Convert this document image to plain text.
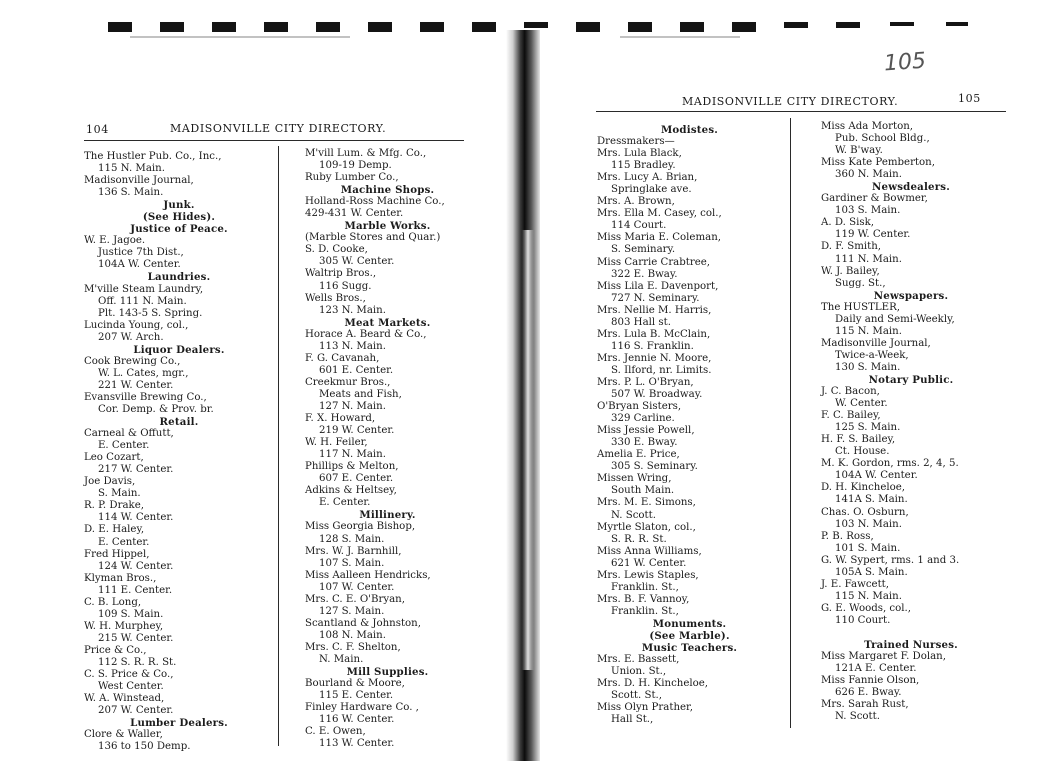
104	MADISONVILLE CITY DIRECTORY.
The Hustler Pub. Co., Inc.,
115 N. Main.
Madisonville Journal,
136 S. Main.
Junk.
(See Hides).
Justice of Peace.
W. E. Jagoe.
Justice 7th Dist.,
104A W. Center.
Laundries.
M'ville Steam Laundry,
Off. 111 N. Main.
Plt. 143-5 S. Spring.
Lucinda Young, col.,
207 W. Arch.
Liquor Dealers.
Cook Brewing Co.,
W. L. Cates, mgr.,
221 W. Center.
Evansville Brewing Co.,
Cor. Demp. & Prov. br.
Retail.
Carneal & Offutt,
E. Center.
Leo Cozart,
217 W. Center.
Joe Davis,
S. Main.
R. P. Drake,
114 W. Center.
D. E. Haley,
E. Center.
Fred Hippel,
124 W. Center.
Klyman Bros.,
111 E. Center.
C. B. Long,
109 S. Main.
W. H. Murphey,
215 W. Center.
Price & Co.,
112 S. R. R. St.
C. S. Price & Co.,
West Center.
W. A. Winstead,
207 W. Center.
Lumber Dealers.
Clore & Waller,
136 to 150 Demp.
M'vill Lum. & Mfg. Co.,
109-19 Demp.
Ruby Lumber Co.,
Machine Shops.
Holland-Ross Machine Co.,
429-431 W. Center.
Marble Works.
(Marble Stores and Quar.)
S. D. Cooke,
305 W. Center.
Waltrip Bros.,
116 Sugg.
Wells Bros.,
123 N. Main.
Meat Markets.
Horace A. Beard & Co.,
113 N. Main.
F. G. Cavanah,
601 E. Center.
Creekmur Bros.,
Meats and Fish,
127 N. Main.
F. X. Howard,
219 W. Center.
W. H. Feiler,
117 N. Main.
Phillips & Melton,
607 E. Center.
Adkins & Heltsey,
E. Center.
Millinery.
Miss Georgia Bishop,
128 S. Main.
Mrs. W. J. Barnhill,
107 S. Main.
Miss Aalleen Hendricks,
107 W. Center.
Mrs. C. E. O'Bryan,
127 S. Main.
Scantland & Johnston,
108 N. Main.
Mrs. C. F. Shelton,
N. Main.
Mill Supplies.
Bourland & Moore,
115 E. Center.
Finley Hardware Co. ,
116 W. Center.
C. E. Owen,
113 W. Center.
105
MADISONVILLE CITY DIRECTORY.	105
Modistes.
Dressmakers—
Mrs. Lula Black,
115 Bradley.
Mrs. Lucy A. Brian,
Springlake ave.
Mrs. A. Brown,
Mrs. Ella M. Casey, col.,
114 Court.
Miss Maria E. Coleman,
S. Seminary.
Miss Carrie Crabtree,
322 E. Bway.
Miss Lila E. Davenport,
727 N. Seminary.
Mrs. Nellie M. Harris,
803 Hall st.
Mrs. Lula B. McClain,
116 S. Franklin.
Mrs. Jennie N. Moore,
S. Ilford, nr. Limits.
Mrs. P. L. O'Bryan,
507 W. Broadway.
O'Bryan Sisters,
329 Carline.
Miss Jessie Powell,
330 E. Bway.
Amelia E. Price,
305 S. Seminary.
Missen Wring,
South Main.
Mrs. M. E. Simons,
N. Scott.
Myrtle Slaton, col.,
S. R. R. St.
Miss Anna Williams,
621 W. Center.
Mrs. Lewis Staples,
Franklin. St.,
Mrs. B. F. Vannoy,
Franklin. St.,
Monuments.
(See Marble).
Music Teachers.
Mrs. E. Bassett,
Union. St.,
Mrs. D. H. Kincheloe,
Scott. St.,
Miss Olyn Prather,
Hall St.,
Miss Ada Morton,
Pub. School Bldg.,
W. B'way.
Miss Kate Pemberton,
360 N. Main.
Newsdealers.
Gardiner & Bowmer,
103 S. Main.
A. D. Sisk,
119 W. Center.
D. F. Smith,
111 N. Main.
W. J. Bailey,
Sugg. St.,
Newspapers.
The HUSTLER,
Daily and Semi-Weekly,
115 N. Main.
Madisonville Journal,
Twice-a-Week,
130 S. Main.
Notary Public.
J. C. Bacon,
W. Center.
F. C. Bailey,
125 S. Main.
H. F. S. Bailey,
Ct. House.
M. K. Gordon, rms. 2, 4, 5.
104A W. Center.
D. H. Kincheloe,
141A S. Main.
Chas. O. Osburn,
103 N. Main.
P. B. Ross,
101 S. Main.
G. W. Sypert, rms. 1 and 3.
105A S. Main.
J. E. Fawcett,
115 N. Main.
G. E. Woods, col.,
110 Court.
Trained Nurses.
Miss Margaret F. Dolan,
121A E. Center.
Miss Fannie Olson,
626 E. Bway.
Mrs. Sarah Rust,
N. Scott.
